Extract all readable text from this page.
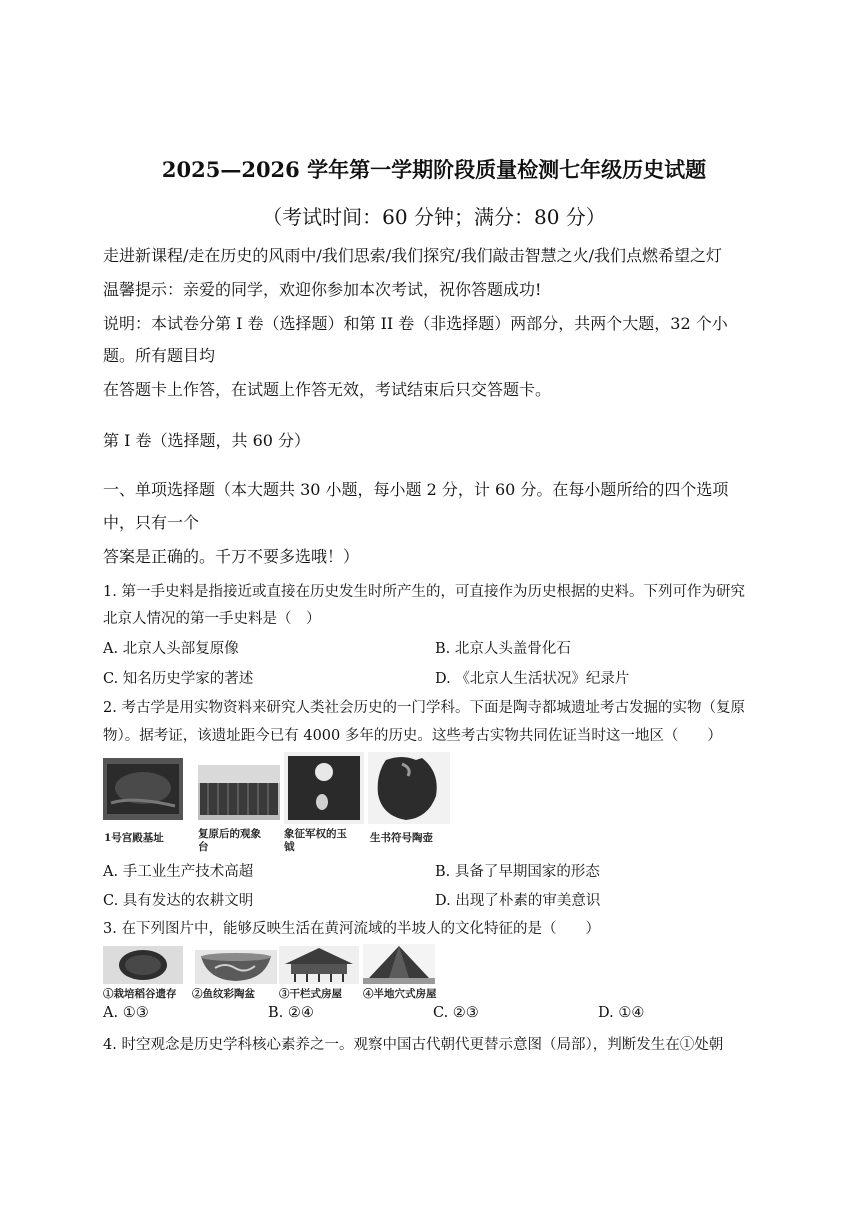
2025—2026 学年第一学期阶段质量检测七年级历史试题
（考试时间：60 分钟；满分：80 分）
走进新课程/走在历史的风雨中/我们思索/我们探究/我们敲击智慧之火/我们点燃希望之灯
温馨提示：亲爱的同学，欢迎你参加本次考试，祝你答题成功!
说明：本试卷分第 I 卷（选择题）和第 II 卷（非选择题）两部分，共两个大题，32 个小
题。所有题目均
在答题卡上作答，在试题上作答无效，考试结束后只交答题卡。
第 I 卷（选择题，共 60 分）
一、单项选择题（本大题共 30 小题，每小题 2 分，计 60 分。在每小题所给的四个选项
中，只有一个
答案是正确的。千万不要多选哦！）
1. 第一手史料是指接近或直接在历史发生时所产生的，可直接作为历史根据的史料。下列可作为研究
北京人情况的第一手史料是（　）
A. 北京人头部复原像	B. 北京人头盖骨化石
C. 知名历史学家的著述	D. 《北京人生活状况》纪录片
2. 考古学是用实物资料来研究人类社会历史的一门学科。下面是陶寺都城遗址考古发掘的实物（复原
物）。据考证，该遗址距今已有 4000 多年的历史。这些考古实物共同佐证当时这一地区（　　）
1号宫殿基址	复原后的观象
台
象征军权的玉
钺
生书符号陶壶
A. 手工业生产技术高超	B. 具备了早期国家的形态
C. 具有发达的农耕文明	D. 出现了朴素的审美意识
3. 在下列图片中，能够反映生活在黄河流域的半坡人的文化特征的是（　　）
①栽培稻谷遗存 ②鱼纹彩陶盆 ③干栏式房屋 ④半地穴式房屋
A. ①③	B. ②④	C. ②③	D. ①④
4. 时空观念是历史学科核心素养之一。观察中国古代朝代更替示意图（局部），判断发生在①处朝
